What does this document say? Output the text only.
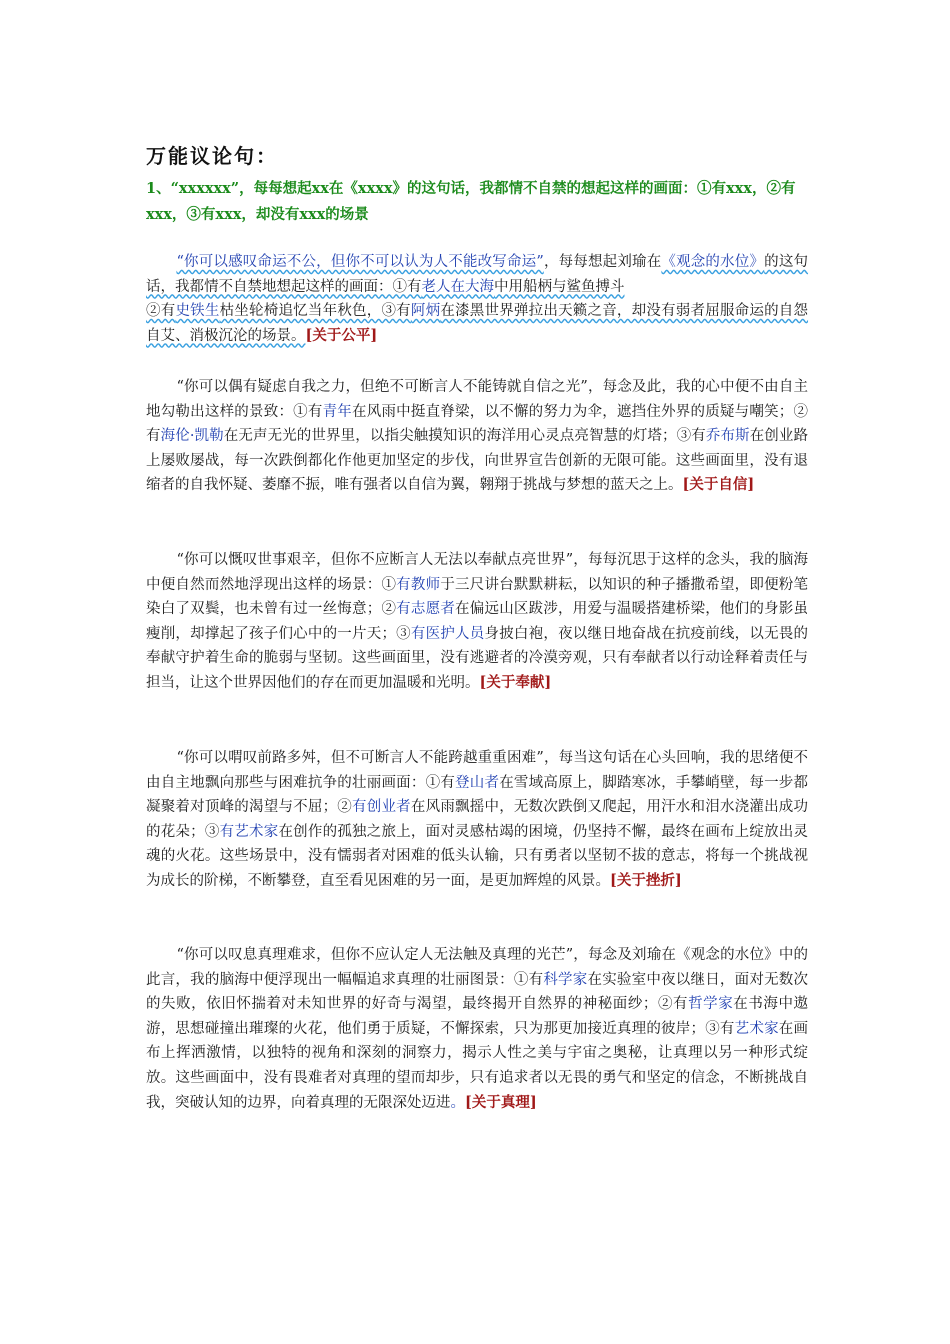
万能议论句：

1、“xxxxxx”，每每想起xx在《xxxx》的这句话，我都情不自禁的想起这样的画面：①有xxx，②有xxx，③有xxx，却没有xxx的场景

“你可以感叹命运不公，但你不可以认为人不能改写命运”，每每想起刘瑜在《观念的水位》的这句话，我都情不自禁地想起这样的画面：①有老人在大海中用船柄与鲨鱼搏斗
②有史铁生枯坐轮椅追忆当年秋色，③有阿炳在漆黑世界弹拉出天籁之音，却没有弱者屈服命运的自怨自艾、消极沉沦的场景。[关于公平]

“你可以偶有疑虑自我之力，但绝不可断言人不能铸就自信之光”，每念及此，我的心中便不由自主地勾勒出这样的景致：①有青年在风雨中挺直脊梁，以不懈的努力为伞，遮挡住外界的质疑与嘲笑；②有海伦·凯勒在无声无光的世界里，以指尖触摸知识的海洋用心灵点亮智慧的灯塔；③有乔布斯在创业路上屡败屡战，每一次跌倒都化作他更加坚定的步伐，向世界宣告创新的无限可能。这些画面里，没有退缩者的自我怀疑、萎靡不振，唯有强者以自信为翼，翱翔于挑战与梦想的蓝天之上。[关于自信]

“你可以慨叹世事艰辛，但你不应断言人无法以奉献点亮世界”，每每沉思于这样的念头，我的脑海中便自然而然地浮现出这样的场景：①有教师于三尺讲台默默耕耘，以知识的种子播撒希望，即便粉笔染白了双鬓，也未曾有过一丝悔意；②有志愿者在偏远山区跋涉，用爱与温暖搭建桥梁，他们的身影虽瘦削，却撑起了孩子们心中的一片天；③有医护人员身披白袍，夜以继日地奋战在抗疫前线，以无畏的奉献守护着生命的脆弱与坚韧。这些画面里，没有逃避者的冷漠旁观，只有奉献者以行动诠释着责任与担当，让这个世界因他们的存在而更加温暖和光明。[关于奉献]

“你可以喟叹前路多舛，但不可断言人不能跨越重重困难”，每当这句话在心头回响，我的思绪便不由自主地飘向那些与困难抗争的壮丽画面：①有登山者在雪域高原上，脚踏寒冰，手攀峭壁，每一步都凝聚着对顶峰的渴望与不屈；②有创业者在风雨飘摇中，无数次跌倒又爬起，用汗水和泪水浇灌出成功的花朵；③有艺术家在创作的孤独之旅上，面对灵感枯竭的困境，仍坚持不懈，最终在画布上绽放出灵魂的火花。这些场景中，没有懦弱者对困难的低头认输，只有勇者以坚韧不拔的意志，将每一个挑战视为成长的阶梯，不断攀登，直至看见困难的另一面，是更加辉煌的风景。[关于挫折]

“你可以叹息真理难求，但你不应认定人无法触及真理的光芒”，每念及刘瑜在《观念的水位》中的此言，我的脑海中便浮现出一幅幅追求真理的壮丽图景：①有科学家在实验室中夜以继日，面对无数次的失败，依旧怀揣着对未知世界的好奇与渴望，最终揭开自然界的神秘面纱；②有哲学家在书海中遨游，思想碰撞出璀璨的火花，他们勇于质疑，不懈探索，只为那更加接近真理的彼岸；③有艺术家在画布上挥洒激情，以独特的视角和深刻的洞察力，揭示人性之美与宇宙之奥秘，让真理以另一种形式绽放。这些画面中，没有畏难者对真理的望而却步，只有追求者以无畏的勇气和坚定的信念，不断挑战自我，突破认知的边界，向着真理的无限深处迈进。[关于真理]
